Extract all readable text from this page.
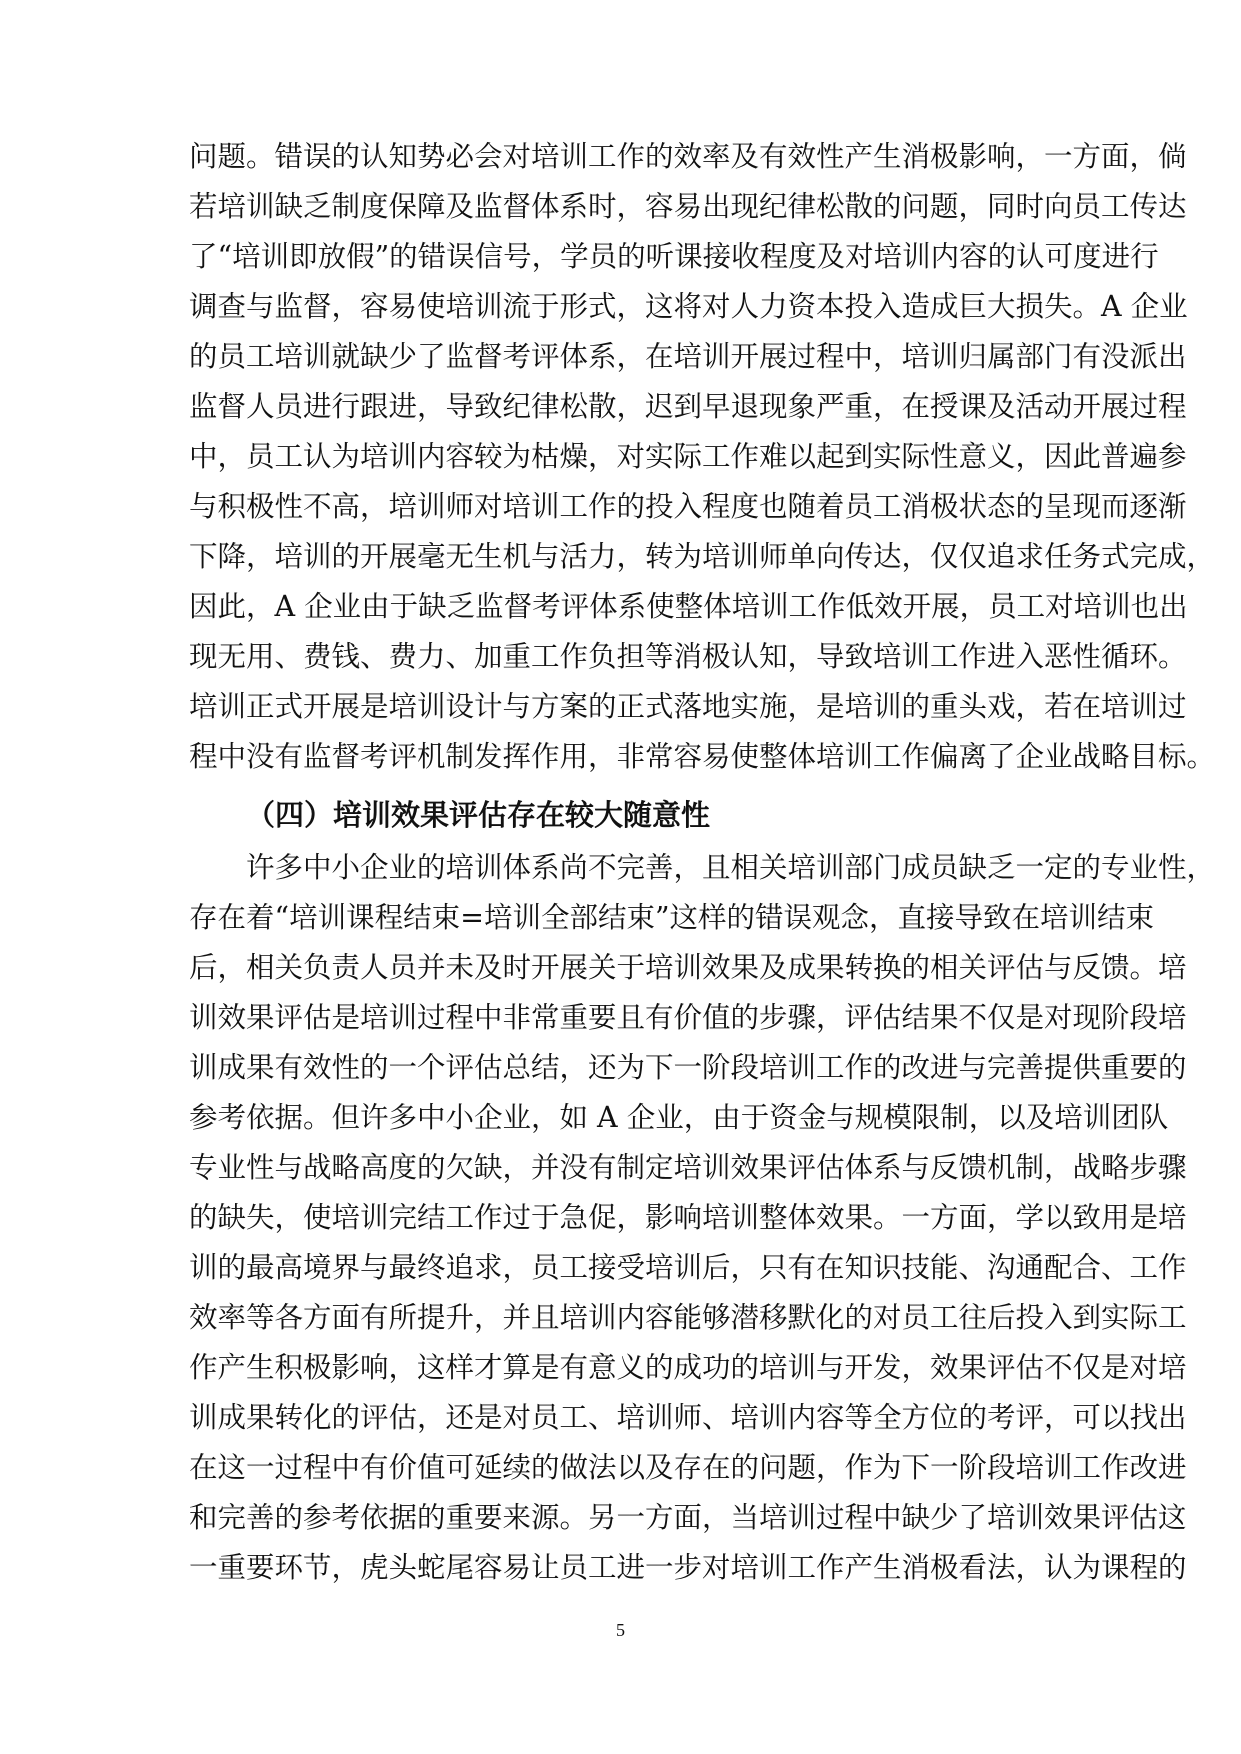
问题。错误的认知势必会对培训工作的效率及有效性产生消极影响，一方面，倘
若培训缺乏制度保障及监督体系时，容易出现纪律松散的问题，同时向员工传达
了“培训即放假”的错误信号，学员的听课接收程度及对培训内容的认可度进行
调查与监督，容易使培训流于形式，这将对人力资本投入造成巨大损失。A 企业
的员工培训就缺少了监督考评体系，在培训开展过程中，培训归属部门有没派出
监督人员进行跟进，导致纪律松散，迟到早退现象严重，在授课及活动开展过程
中，员工认为培训内容较为枯燥，对实际工作难以起到实际性意义，因此普遍参
与积极性不高，培训师对培训工作的投入程度也随着员工消极状态的呈现而逐渐
下降，培训的开展毫无生机与活力，转为培训师单向传达，仅仅追求任务式完成，
因此，A 企业由于缺乏监督考评体系使整体培训工作低效开展，员工对培训也出
现无用、费钱、费力、加重工作负担等消极认知，导致培训工作进入恶性循环。
培训正式开展是培训设计与方案的正式落地实施，是培训的重头戏，若在培训过
程中没有监督考评机制发挥作用，非常容易使整体培训工作偏离了企业战略目标。
（四）培训效果评估存在较大随意性
许多中小企业的培训体系尚不完善，且相关培训部门成员缺乏一定的专业性，
存在着“培训课程结束=培训全部结束”这样的错误观念，直接导致在培训结束
后，相关负责人员并未及时开展关于培训效果及成果转换的相关评估与反馈。培
训效果评估是培训过程中非常重要且有价值的步骤，评估结果不仅是对现阶段培
训成果有效性的一个评估总结，还为下一阶段培训工作的改进与完善提供重要的
参考依据。但许多中小企业，如 A 企业，由于资金与规模限制，以及培训团队
专业性与战略高度的欠缺，并没有制定培训效果评估体系与反馈机制，战略步骤
的缺失，使培训完结工作过于急促，影响培训整体效果。一方面，学以致用是培
训的最高境界与最终追求，员工接受培训后，只有在知识技能、沟通配合、工作
效率等各方面有所提升，并且培训内容能够潜移默化的对员工往后投入到实际工
作产生积极影响，这样才算是有意义的成功的培训与开发，效果评估不仅是对培
训成果转化的评估，还是对员工、培训师、培训内容等全方位的考评，可以找出
在这一过程中有价值可延续的做法以及存在的问题，作为下一阶段培训工作改进
和完善的参考依据的重要来源。另一方面，当培训过程中缺少了培训效果评估这
一重要环节，虎头蛇尾容易让员工进一步对培训工作产生消极看法，认为课程的
5
